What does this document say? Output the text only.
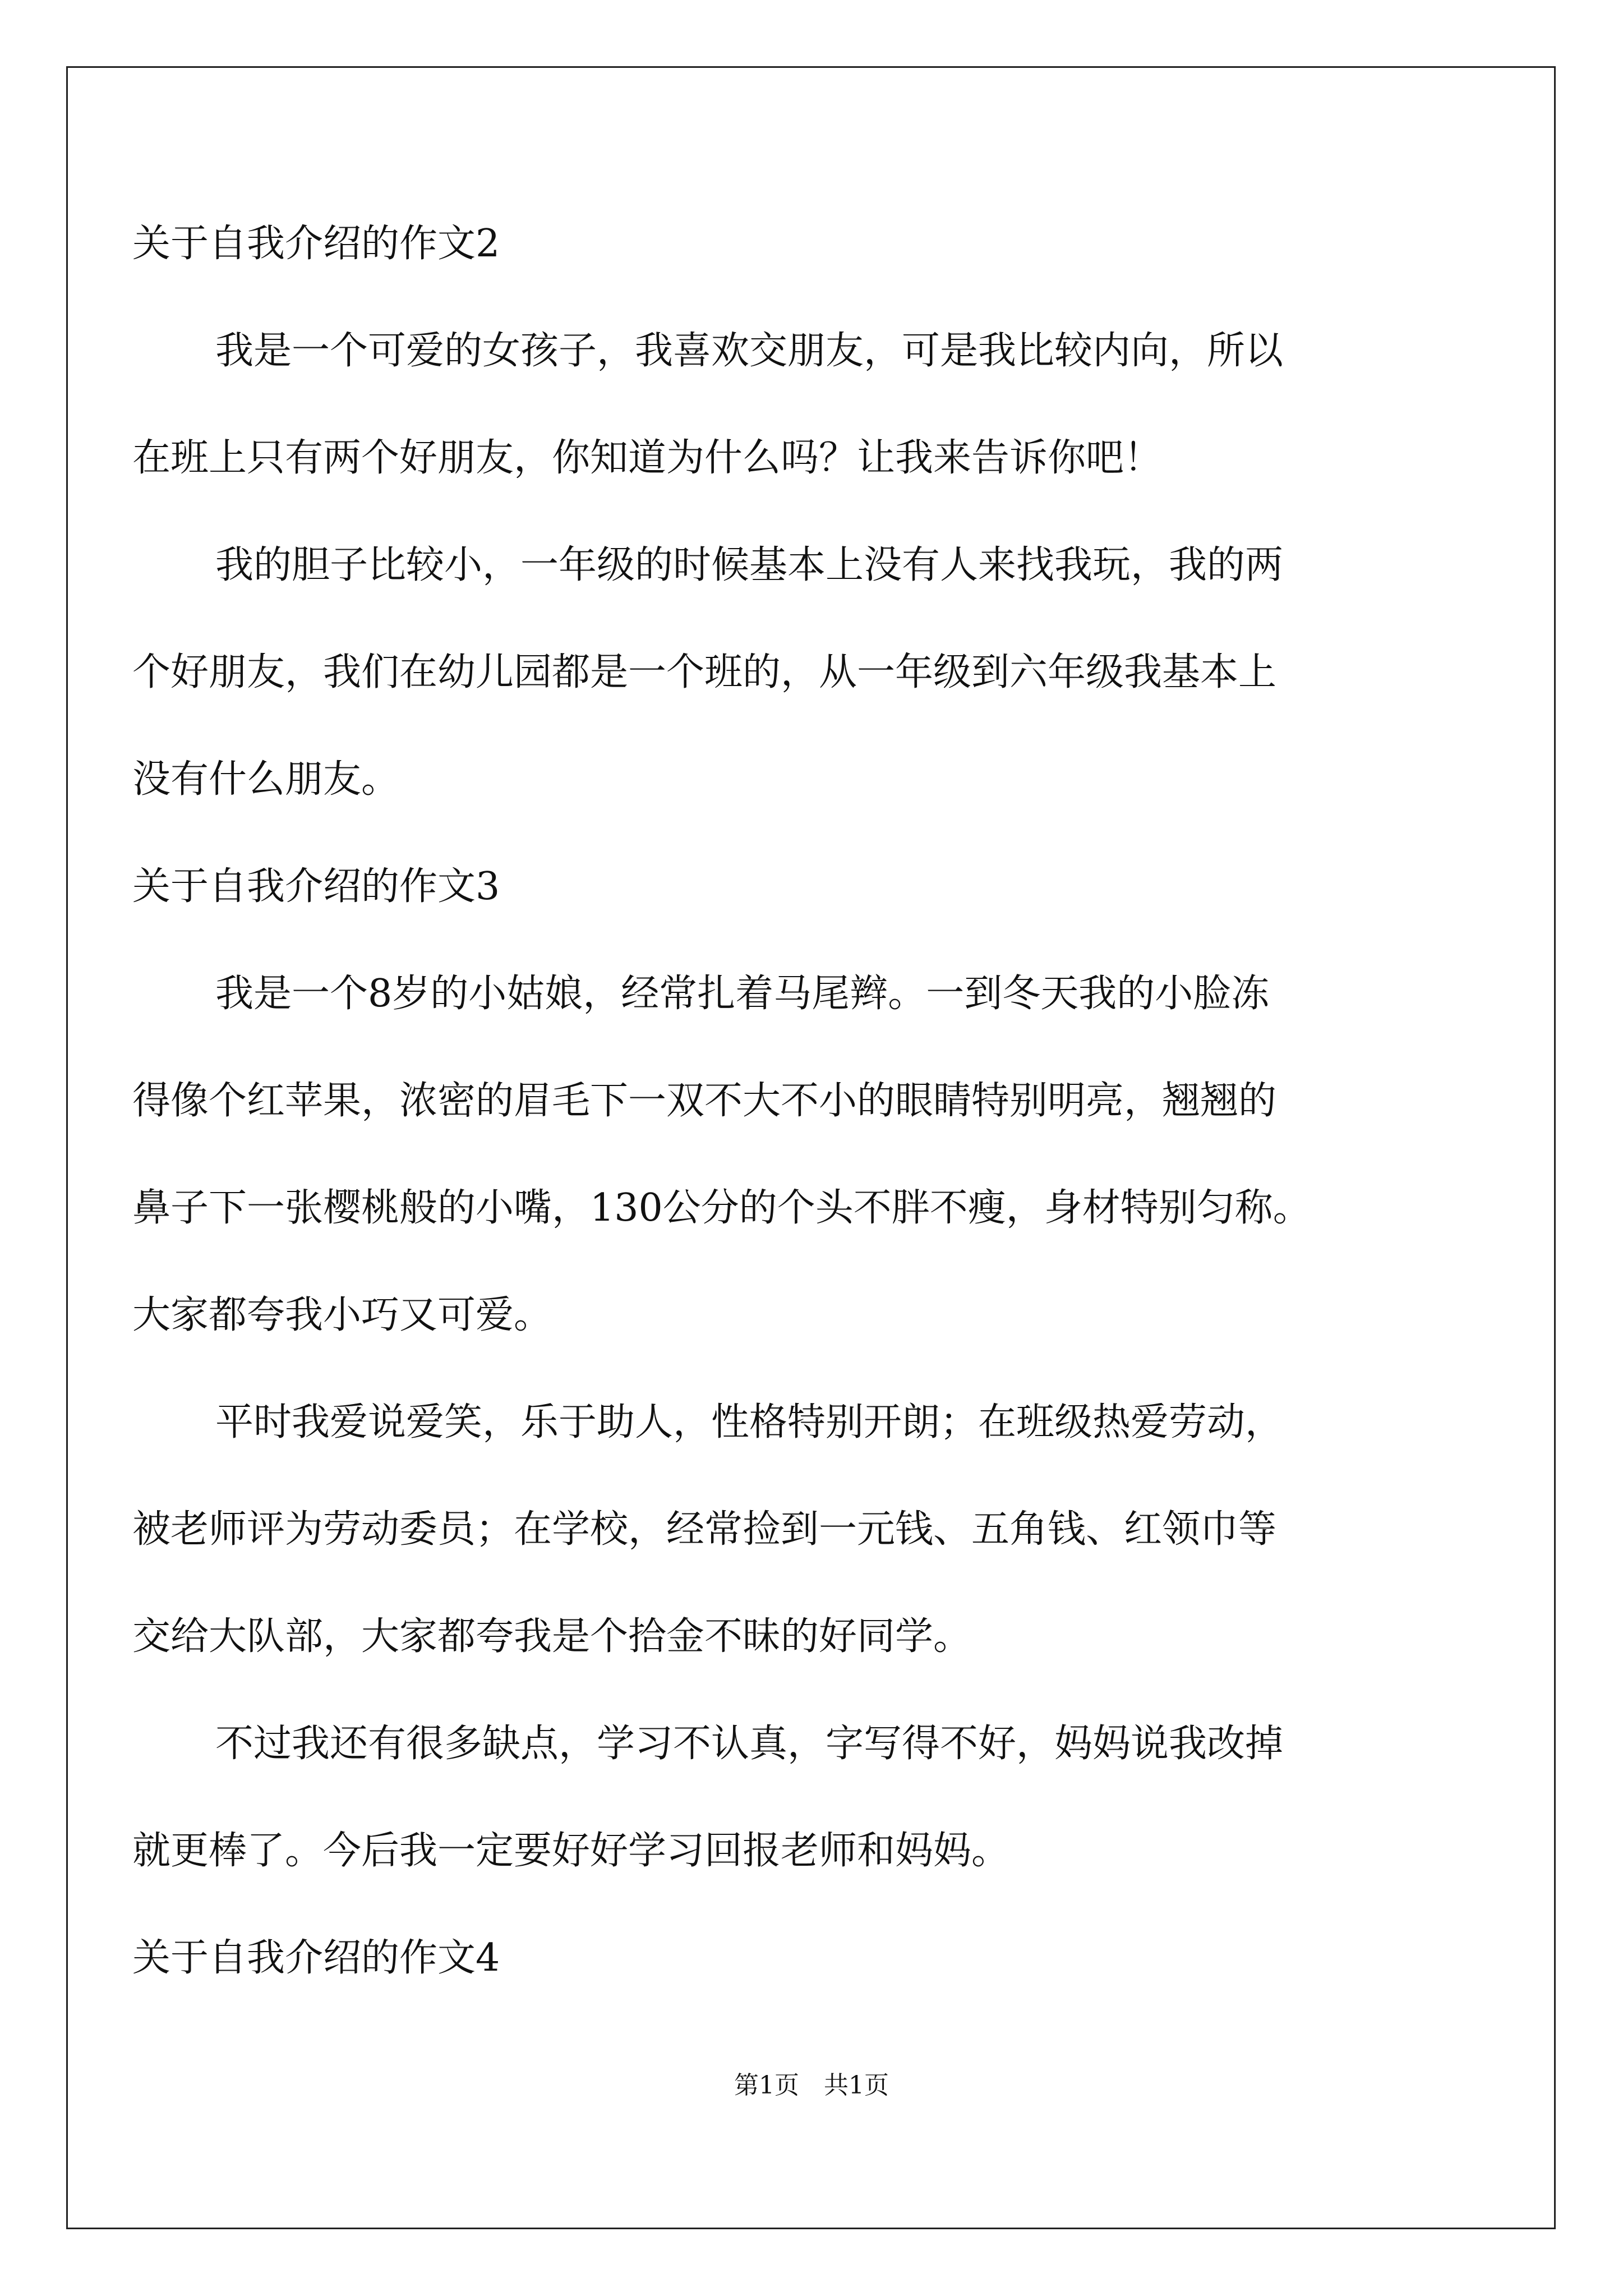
关于自我介绍的作文2
我是一个可爱的女孩子，我喜欢交朋友，可是我比较内向，所以
在班上只有两个好朋友，你知道为什么吗？让我来告诉你吧！
我的胆子比较小，一年级的时候基本上没有人来找我玩，我的两
个好朋友，我们在幼儿园都是一个班的，从一年级到六年级我基本上
没有什么朋友。
关于自我介绍的作文3
我是一个8岁的小姑娘，经常扎着马尾辫。一到冬天我的小脸冻
得像个红苹果，浓密的眉毛下一双不大不小的眼睛特别明亮，翘翘的
鼻子下一张樱桃般的小嘴，130公分的个头不胖不瘦，身材特别匀称。
大家都夸我小巧又可爱。
平时我爱说爱笑，乐于助人，性格特别开朗；在班级热爱劳动，
被老师评为劳动委员；在学校，经常捡到一元钱、五角钱、红领巾等
交给大队部，大家都夸我是个拾金不昧的好同学。
不过我还有很多缺点，学习不认真，字写得不好，妈妈说我改掉
就更棒了。今后我一定要好好学习回报老师和妈妈。
关于自我介绍的作文4
第1页　共1页
